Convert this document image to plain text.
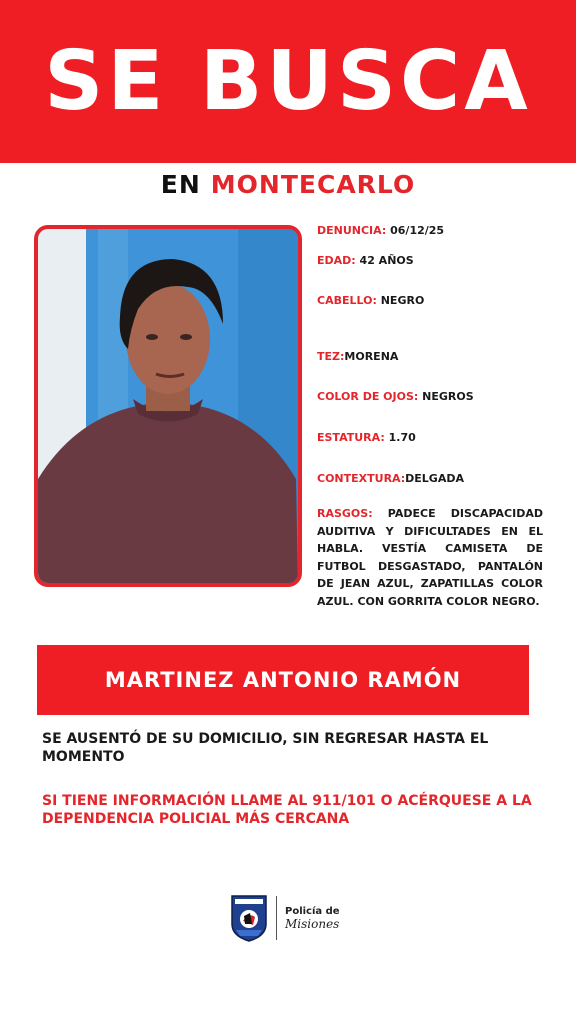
SE BUSCA
EN MONTECARLO
DENUNCIA: 06/12/25
EDAD: 42 AÑOS
CABELLO: NEGRO
TEZ:MORENA
COLOR DE OJOS: NEGROS
ESTATURA: 1.70
CONTEXTURA:DELGADA
RASGOS: PADECE DISCAPACIDAD AUDITIVA Y DIFICULTADES EN EL HABLA. VESTÍA CAMISETA DE FUTBOL DESGASTADO, PANTALÓN DE JEAN AZUL, ZAPATILLAS COLOR AZUL. CON GORRITA COLOR NEGRO.
MARTINEZ ANTONIO RAMÓN
SE AUSENTÓ DE SU DOMICILIO, SIN REGRESAR HASTA EL MOMENTO
SI TIENE INFORMACIÓN LLAME AL 911/101 O ACÉRQUESE A LA DEPENDENCIA POLICIAL MÁS CERCANA
Policía de
Misiones
